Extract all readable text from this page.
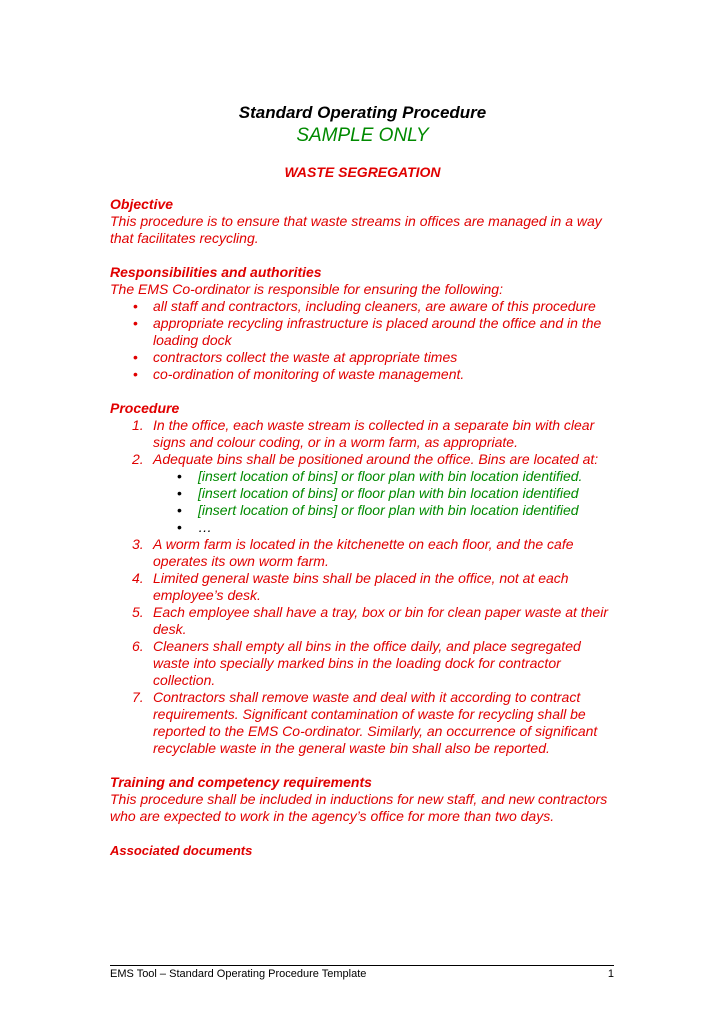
Standard Operating Procedure
SAMPLE ONLY
WASTE SEGREGATION

Objective

This procedure is to ensure that waste streams in offices are managed in a way that facilitates recycling.

Responsibilities and authorities

The EMS Co-ordinator is responsible for ensuring the following:

• all staff and contractors, including cleaners, are aware of this procedure
• appropriate recycling infrastructure is placed around the office and in the loading dock
• contractors collect the waste at appropriate times
• co-ordination of monitoring of waste management.

Procedure

1. In the office, each waste stream is collected in a separate bin with clear signs and colour coding, or in a worm farm, as appropriate.
2. Adequate bins shall be positioned around the office. Bins are located at:
• [insert location of bins] or floor plan with bin location identified.
• [insert location of bins] or floor plan with bin location identified
• [insert location of bins] or floor plan with bin location identified
• …
3. A worm farm is located in the kitchenette on each floor, and the cafe operates its own worm farm.
4. Limited general waste bins shall be placed in the office, not at each employee’s desk.
5. Each employee shall have a tray, box or bin for clean paper waste at their desk.
6. Cleaners shall empty all bins in the office daily, and place segregated waste into specially marked bins in the loading dock for contractor collection.
7. Contractors shall remove waste and deal with it according to contract requirements. Significant contamination of waste for recycling shall be reported to the EMS Co-ordinator. Similarly, an occurrence of significant recyclable waste in the general waste bin shall also be reported.

Training and competency requirements

This procedure shall be included in inductions for new staff, and new contractors who are expected to work in the agency’s office for more than two days.

Associated documents

EMS Tool – Standard Operating Procedure Template	1
